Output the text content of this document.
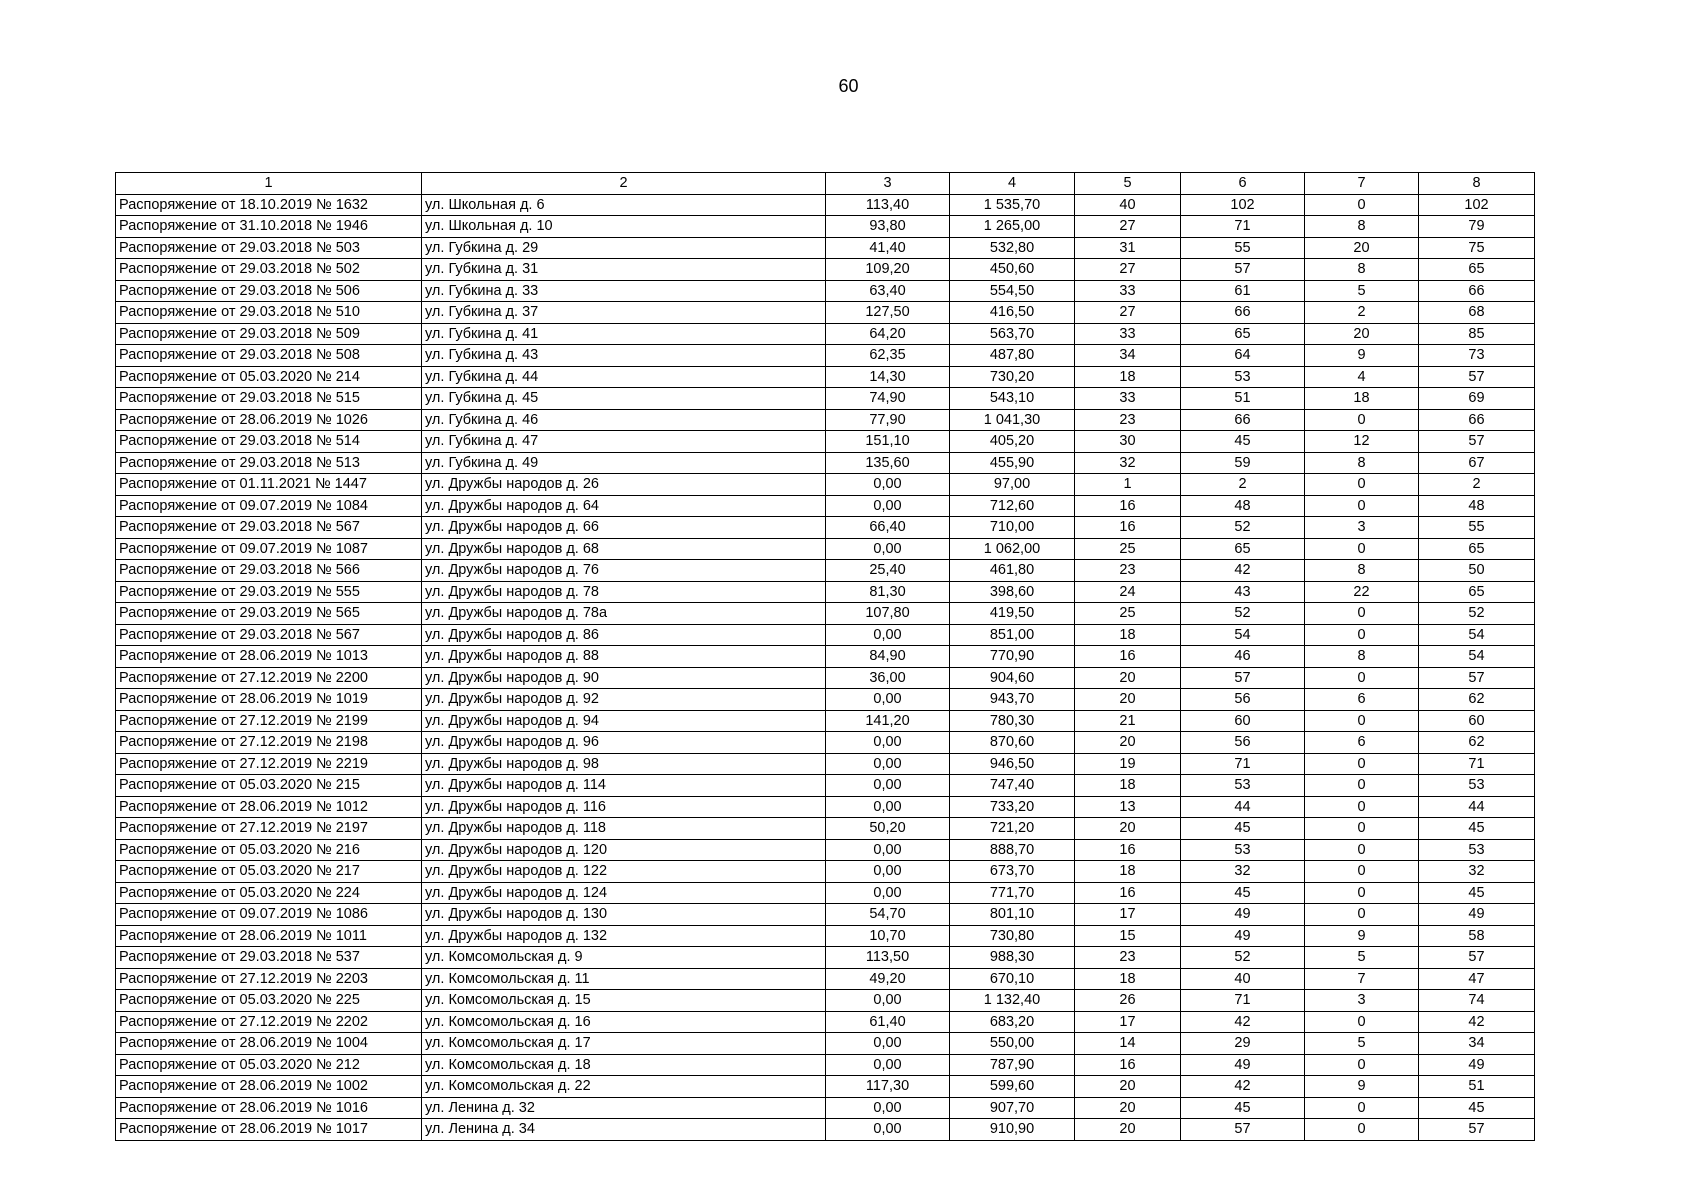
60
1	2	3	4	5	6	7	8
Распоряжение от 18.10.2019 № 1632	ул. Школьная д. 6	113,40	1 535,70	40	102	0	102
Распоряжение от 31.10.2018 № 1946	ул. Школьная д. 10	93,80	1 265,00	27	71	8	79
Распоряжение от 29.03.2018 № 503	ул. Губкина д. 29	41,40	532,80	31	55	20	75
Распоряжение от 29.03.2018 № 502	ул. Губкина д. 31	109,20	450,60	27	57	8	65
Распоряжение от 29.03.2018 № 506	ул. Губкина д. 33	63,40	554,50	33	61	5	66
Распоряжение от 29.03.2018 № 510	ул. Губкина д. 37	127,50	416,50	27	66	2	68
Распоряжение от 29.03.2018 № 509	ул. Губкина д. 41	64,20	563,70	33	65	20	85
Распоряжение от 29.03.2018 № 508	ул. Губкина д. 43	62,35	487,80	34	64	9	73
Распоряжение от 05.03.2020 № 214	ул. Губкина д. 44	14,30	730,20	18	53	4	57
Распоряжение от 29.03.2018 № 515	ул. Губкина д. 45	74,90	543,10	33	51	18	69
Распоряжение от 28.06.2019 № 1026	ул. Губкина д. 46	77,90	1 041,30	23	66	0	66
Распоряжение от 29.03.2018 № 514	ул. Губкина д. 47	151,10	405,20	30	45	12	57
Распоряжение от 29.03.2018 № 513	ул. Губкина д. 49	135,60	455,90	32	59	8	67
Распоряжение от 01.11.2021 № 1447	ул. Дружбы народов д. 26	0,00	97,00	1	2	0	2
Распоряжение от 09.07.2019 № 1084	ул. Дружбы народов д. 64	0,00	712,60	16	48	0	48
Распоряжение от 29.03.2018 № 567	ул. Дружбы народов д. 66	66,40	710,00	16	52	3	55
Распоряжение от 09.07.2019 № 1087	ул. Дружбы народов д. 68	0,00	1 062,00	25	65	0	65
Распоряжение от 29.03.2018 № 566	ул. Дружбы народов д. 76	25,40	461,80	23	42	8	50
Распоряжение от 29.03.2019 № 555	ул. Дружбы народов д. 78	81,30	398,60	24	43	22	65
Распоряжение от 29.03.2019 № 565	ул. Дружбы народов д. 78а	107,80	419,50	25	52	0	52
Распоряжение от 29.03.2018 № 567	ул. Дружбы народов д. 86	0,00	851,00	18	54	0	54
Распоряжение от 28.06.2019 № 1013	ул. Дружбы народов д. 88	84,90	770,90	16	46	8	54
Распоряжение от 27.12.2019 № 2200	ул. Дружбы народов д. 90	36,00	904,60	20	57	0	57
Распоряжение от 28.06.2019 № 1019	ул. Дружбы народов д. 92	0,00	943,70	20	56	6	62
Распоряжение от 27.12.2019 № 2199	ул. Дружбы народов д. 94	141,20	780,30	21	60	0	60
Распоряжение от 27.12.2019 № 2198	ул. Дружбы народов д. 96	0,00	870,60	20	56	6	62
Распоряжение от 27.12.2019 № 2219	ул. Дружбы народов д. 98	0,00	946,50	19	71	0	71
Распоряжение от 05.03.2020 № 215	ул. Дружбы народов д. 114	0,00	747,40	18	53	0	53
Распоряжение от 28.06.2019 № 1012	ул. Дружбы народов д. 116	0,00	733,20	13	44	0	44
Распоряжение от 27.12.2019 № 2197	ул. Дружбы народов д. 118	50,20	721,20	20	45	0	45
Распоряжение от 05.03.2020 № 216	ул. Дружбы народов д. 120	0,00	888,70	16	53	0	53
Распоряжение от 05.03.2020 № 217	ул. Дружбы народов д. 122	0,00	673,70	18	32	0	32
Распоряжение от 05.03.2020 № 224	ул. Дружбы народов д. 124	0,00	771,70	16	45	0	45
Распоряжение от 09.07.2019 № 1086	ул. Дружбы народов д. 130	54,70	801,10	17	49	0	49
Распоряжение от 28.06.2019 № 1011	ул. Дружбы народов д. 132	10,70	730,80	15	49	9	58
Распоряжение от 29.03.2018 № 537	ул. Комсомольская д. 9	113,50	988,30	23	52	5	57
Распоряжение от 27.12.2019 № 2203	ул. Комсомольская д. 11	49,20	670,10	18	40	7	47
Распоряжение от 05.03.2020 № 225	ул. Комсомольская д. 15	0,00	1 132,40	26	71	3	74
Распоряжение от 27.12.2019 № 2202	ул. Комсомольская д. 16	61,40	683,20	17	42	0	42
Распоряжение от 28.06.2019 № 1004	ул. Комсомольская д. 17	0,00	550,00	14	29	5	34
Распоряжение от 05.03.2020 № 212	ул. Комсомольская д. 18	0,00	787,90	16	49	0	49
Распоряжение от 28.06.2019 № 1002	ул. Комсомольская д. 22	117,30	599,60	20	42	9	51
Распоряжение от 28.06.2019 № 1016	ул. Ленина д. 32	0,00	907,70	20	45	0	45
Распоряжение от 28.06.2019 № 1017	ул. Ленина д. 34	0,00	910,90	20	57	0	57
